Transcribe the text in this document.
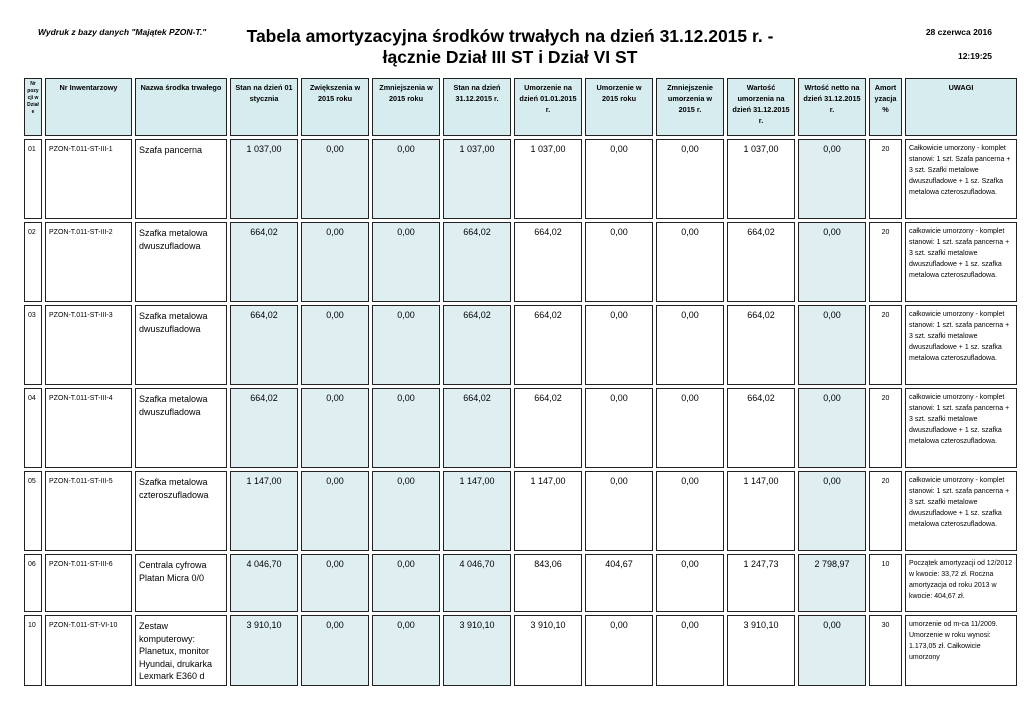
Wydruk z bazy danych "Majątek PZON-T."	Tabela amortyzacyjna środków trwałych na dzień 31.12.2015 r. -
łącznie Dział III ST i Dział VI ST
28 czerwca 2016
12:19:25
Nr pozy cji w Dział e	Nr Inwentarzowy	Nazwa środka trwałego	Stan na dzień 01 stycznia	Zwiększenia w 2015 roku	Zmniejszenia w 2015 roku	Stan na dzień 31.12.2015 r.	Umorzenie na dzień 01.01.2015 r.	Umorzenie w 2015 roku	Zmniejszenie umorzenia w 2015 r.	Wartość umorzenia na dzień 31.12.2015 r.	Wrtość netto na dzień 31.12.2015 r.	Amort yzacja %	UWAGI
01	PZON-T.011-ST-III-1	Szafa pancerna	1 037,00	0,00	0,00	1 037,00	1 037,00	0,00	0,00	1 037,00	0,00	20	Całkowicie umorzony - komplet stanowi: 1 szt. Szafa pancerna + 3 szt. Szafki metalowe dwuszufladowe + 1 sz. Szafka metalowa czteroszufladowa.
02	PZON-T.011-ST-III-2	Szafka metalowa dwuszufladowa	664,02	0,00	0,00	664,02	664,02	0,00	0,00	664,02	0,00	20	całkowicie umorzony - komplet stanowi: 1 szt. szafa pancerna + 3 szt. szafki metalowe dwuszufladowe + 1 sz. szafka metalowa czteroszufladowa.
03	PZON-T.011-ST-III-3	Szafka metalowa dwuszufladowa	664,02	0,00	0,00	664,02	664,02	0,00	0,00	664,02	0,00	20	całkowicie umorzony - komplet stanowi: 1 szt. szafa pancerna + 3 szt. szafki metalowe dwuszufladowe + 1 sz. szafka metalowa czteroszufladowa.
04	PZON-T.011-ST-III-4	Szafka metalowa dwuszufladowa	664,02	0,00	0,00	664,02	664,02	0,00	0,00	664,02	0,00	20	całkowicie umorzony - komplet stanowi: 1 szt. szafa pancerna + 3 szt. szafki metalowe dwuszufladowe + 1 sz. szafka metalowa czteroszufladowa.
05	PZON-T.011-ST-III-5	Szafka metalowa czteroszufladowa	1 147,00	0,00	0,00	1 147,00	1 147,00	0,00	0,00	1 147,00	0,00	20	całkowicie umorzony - komplet stanowi: 1 szt. szafa pancerna + 3 szt. szafki metalowe dwuszufladowe + 1 sz. szafka metalowa czteroszufladowa.
06	PZON-T.011-ST-III-6	Centrala cyfrowa Platan Micra 0/0	4 046,70	0,00	0,00	4 046,70	843,06	404,67	0,00	1 247,73	2 798,97	10	Początek amortyzacji od 12/2012 w kwocie: 33,72 zł. Roczna amortyzacja od roku 2013 w kwocie: 404,67 zł.
10	PZON-T.011-ST-VI-10	Zestaw komputerowy: Planetux, monitor Hyundai, drukarka Lexmark E360 d	3 910,10	0,00	0,00	3 910,10	3 910,10	0,00	0,00	3 910,10	0,00	30	umorzenie od m-ca 11/2009. Umorzenie w roku wynosi: 1.173,05 zł. Całkowicie umorzony
